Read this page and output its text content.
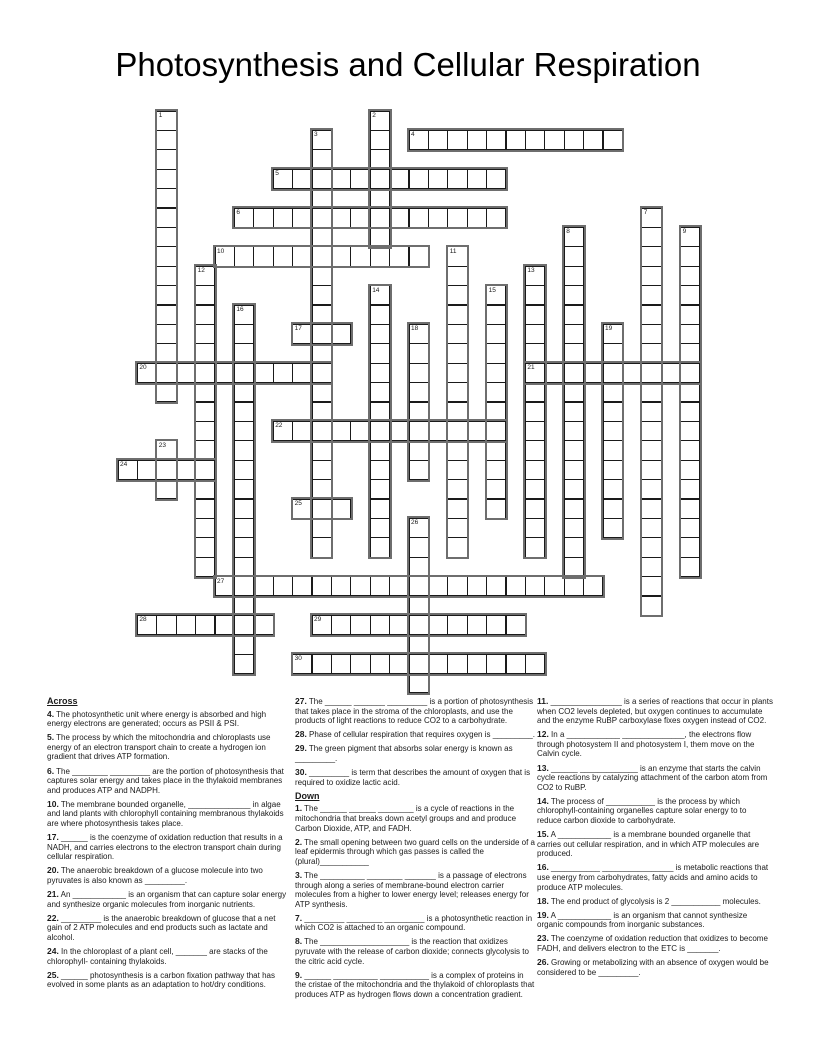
Photosynthesis and Cellular Respiration
4
5
6
10
17
20	21
22
24
25
27
28	29
30
1	2
3
7
8	9
11
12	13
14	15
16
18	19
23
26
Across
4. The photosynthetic unit where energy is absorbed and high energy electrons are generated; occurs as PSII & PSI.
5. The process by which the mitochondria and chloroplasts use energy of an electron transport chain to create a hydrogen ion gradient that drives ATP formation.
6. The ________ _________ are the portion of photosynthesis that captures solar energy and takes place in the thylakoid membranes and produces ATP and NADPH.
10. The membrane bounded organelle, ______________ in algae and land plants with chlorophyll containing membranous thylakoids are where photosynthesis takes place.
17. ______ is the coenzyme of oxidation reduction that results in a NADH, and carries electrons to the electron transport chain during cellular respiration.
20. The anaerobic breakdown of a glucose molecule into two pyruvates is also known as _________.
21. An ____________ is an organism that can capture solar energy and synthesize organic molecules from inorganic nutrients.
22. _________ is the anaerobic breakdown of glucose that a net gain of 2 ATP molecules and end products such as lactate and alcohol.
24. In the chloroplast of a plant cell, _______ are stacks of the chlorophyll- containing thylakoids.
25. ______ photosynthesis is a carbon fixation pathway that has evolved in some plants as an adaptation to hot/dry conditions.
27. The ______ _______ _________ is a portion of photosynthesis that takes place in the stroma of the chloroplasts, and use the products of light reactions to reduce CO2 to a carbohydrate.
28. Phase of cellular respiration that requires oxygen is _________.
29. The green pigment that absorbs solar energy is known as _________.
30. _________ is term that describes the amount of oxygen that is required to oxidize lactic acid.
Down
1. The ______ ______ ________ is a cycle of reactions in the mitochondria that breaks down acetyl groups and and produce Carbon Dioxide, ATP, and FADH.
2. The small opening between two guard cells on the underside of a leaf epidermis through which gas passes is called the (plural)___________
3. The __________ ________ _______ is a passage of electrons through along a series of membrane-bound electron carrier molecules from a higher to lower energy level; releases energy for ATP synthesis.
7. _________ ________ _________ is a photosynthetic reaction in which CO2 is attached to an organic compound.
8. The ____________________ is the reaction that oxidizes pyruvate with the release of carbon dioxide; connects glycolysis to the citric acid cycle.
9. ______ __________ ___________ is a complex of proteins in the cristae of the mitochondria and the thylakoid of chloroplasts that produces ATP as hydrogen flows down a concentration gradient.
11. ________________ is a series of reactions that occur in plants when CO2 levels depleted, but oxygen continues to accumulate and the enzyme RuBP carboxylase fixes oxygen instead of CO2.
12. In a ____________ ______________, the electrons flow through photosystem II and photosystem I, them move on the Calvin cycle.
13. ______ _____________ is an enzyme that starts the calvin cycle reactions by catalyzing attachment of the carbon atom from CO2 to RuBP.
14. The process of ___________ is the process by which chlorophyll-containing organelles capture solar energy to to reduce carbon dioxide to carbohydrate.
15. A ____________ is a membrane bounded organelle that carries out cellular respiration, and in which ATP molecules are produced.
16. ___________ ________________ is metabolic reactions that use energy from carbohydrates, fatty acids and amino acids to produce ATP molecules.
18. The end product of glycolysis is 2 ___________ molecules.
19. A ____________ is an organism that cannot synthesize organic compounds from inorganic substances.
23. The coenzyme of oxidation reduction that oxidizes to become FADH, and delivers electron to the ETC is _______.
26. Growing or metabolizing with an absence of oxygen would be considered to be _________.
